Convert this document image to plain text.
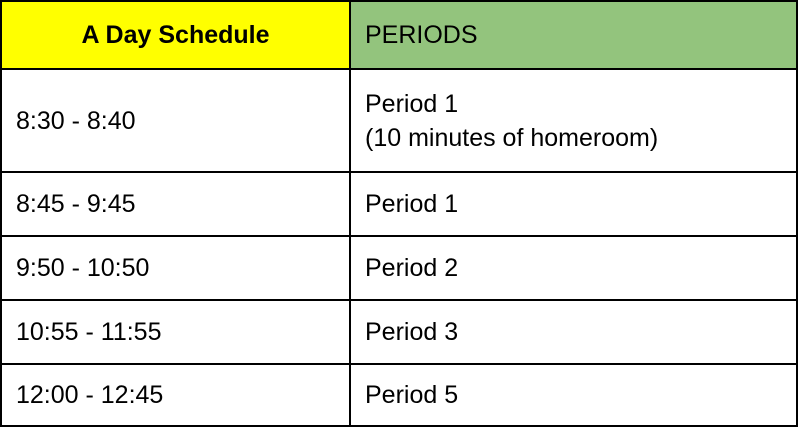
A Day Schedule	PERIODS
8:30 - 8:40	Period 1
(10 minutes of homeroom)

8:45 - 9:45	Period 1
9:50 - 10:50	Period 2
10:55 - 11:55	Period 3
12:00 - 12:45	Period 5
